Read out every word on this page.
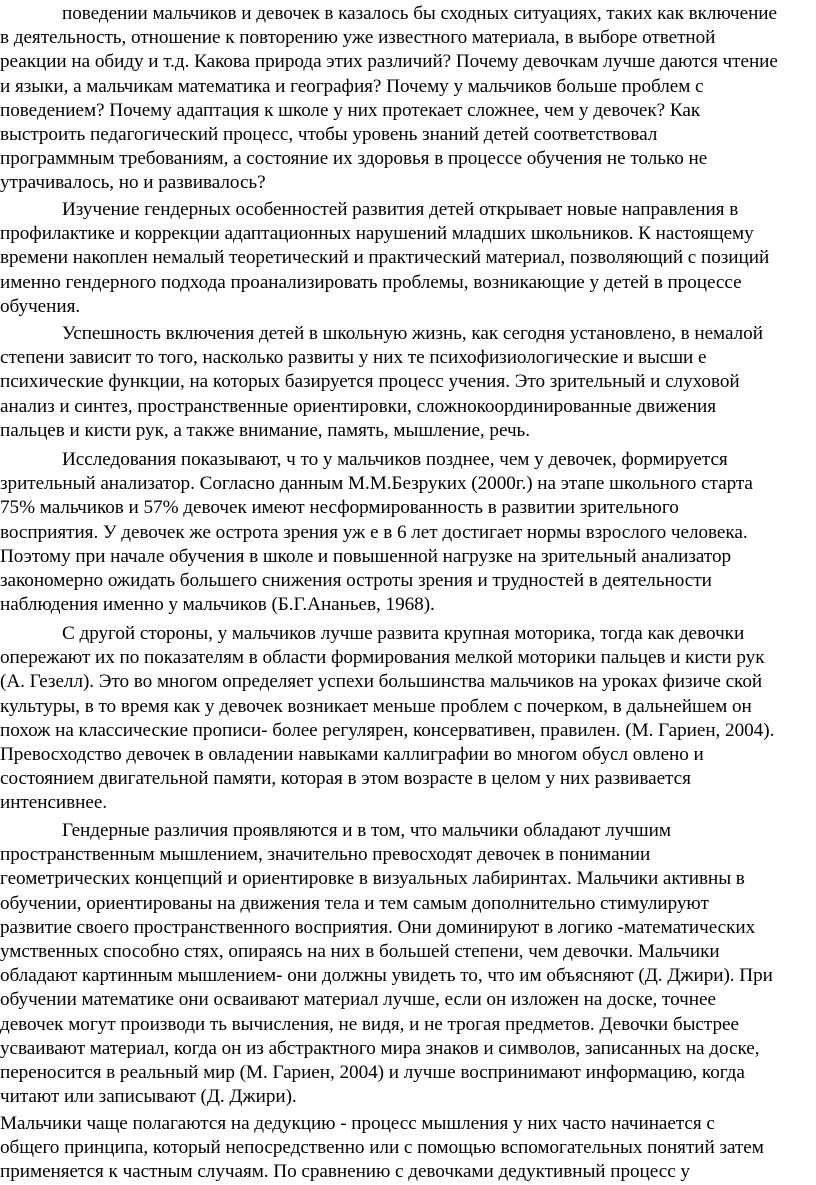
поведении мальчиков и девочек в казалось бы сходных ситуациях, таких как включение
в деятельность, отношение к повторению уже известного материала, в выборе ответной
реакции на обиду и т.д. Какова природа этих различий? Почему девочкам лучше даются чтение
и языки, а мальчикам математика и география? Почему у мальчиков больше проблем с
поведением? Почему адаптация к школе у них протекает сложнее, чем у девочек? Как
выстроить педагогический процесс, чтобы уровень знаний детей соответствовал
программным требованиям, а состояние их здоровья в процессе обучения не только не
утрачивалось, но и развивалось?
Изучение гендерных особенностей развития детей открывает новые направления в
профилактике и коррекции адаптационных нарушений младших школьников. К настоящему
времени накоплен немалый теоретический и практический материал, позволяющий с позиций
именно гендерного подхода проанализировать проблемы, возникающие у детей в процессе
обучения.
Успешность включения детей в школьную жизнь, как сегодня установлено, в немалой
степени зависит то того, насколько развиты у них те психофизиологические и высши е
психические функции, на которых базируется процесс учения. Это зрительный и слуховой
анализ и синтез, пространственные ориентировки, сложнокоординированные движения
пальцев и кисти рук, а также внимание, память, мышление, речь.
Исследования показывают, ч то у мальчиков позднее, чем у девочек, формируется
зрительный анализатор. Согласно данным М.М.Безруких (2000г.) на этапе школьного старта
75% мальчиков и 57% девочек имеют несформированность в развитии зрительного
восприятия. У девочек же острота зрения уж е в 6 лет достигает нормы взрослого человека.
Поэтому при начале обучения в школе и повышенной нагрузке на зрительный анализатор
закономерно ожидать большего снижения остроты зрения и трудностей в деятельности
наблюдения именно у мальчиков (Б.Г.Ананьев, 1968).
С другой стороны, у мальчиков лучше развита крупная моторика, тогда как девочки
опережают их по показателям в области формирования мелкой моторики пальцев и кисти рук
(А. Гезелл). Это во многом определяет успехи большинства мальчиков на уроках физиче ской
культуры, в то время как у девочек возникает меньше проблем с почерком, в дальнейшем он
похож на классические прописи- более регулярен, консервативен, правилен. (М. Гариен, 2004).
Превосходство девочек в овладении навыками каллиграфии во многом обусл овлено и
состоянием двигательной памяти, которая в этом возрасте в целом у них развивается
интенсивнее.
Гендерные различия проявляются и в том, что мальчики обладают лучшим
пространственным мышлением, значительно превосходят девочек в понимании
геометрических концепций и ориентировке в визуальных лабиринтах. Мальчики активны в
обучении, ориентированы на движения тела и тем самым дополнительно стимулируют
развитие своего пространственного восприятия. Они доминируют в логико -математических
умственных способно стях, опираясь на них в большей степени, чем девочки. Мальчики
обладают картинным мышлением- они должны увидеть то, что им объясняют (Д. Джири). При
обучении математике они осваивают материал лучше, если он изложен на доске, точнее
девочек могут производи ть вычисления, не видя, и не трогая предметов. Девочки быстрее
усваивают материал, когда он из абстрактного мира знаков и символов, записанных на доске,
переносится в реальный мир (М. Гариен, 2004) и лучше воспринимают информацию, когда
читают или записывают (Д. Джири).
Мальчики чаще полагаются на дедукцию - процесс мышления у них часто начинается с
общего принципа, который непосредственно или с помощью вспомогательных понятий затем
применяется к частным случаям. По сравнению с девочками дедуктивный процесс у
